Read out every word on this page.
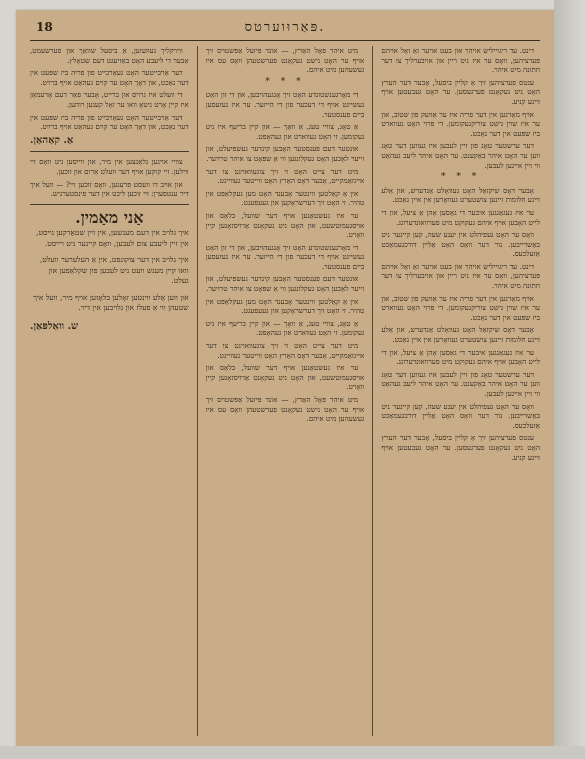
18	פּאַרוּוערטס.

דינט. עד ריגוייליש אויהר און בעט אויער זאַ זאָל אויהם פּערציהען, וואָס ער איז ניט ריין און אויבערליך צו דער חתונה מיט איהר.

ענטס פערציהען זיך אַ קליין ביסעל, אָבער דער הערץ האָט ניט געקאָנט פערגעסען. ער האָט געבעטען אויף זיינע קניע.

אויף מאָרגען אין דער פריה איז ער אַוועק פון שטוב, און ער איז שוין נישט צוריקגעקומען. די פרוי האָט געווארט ביז שפּעט אין דער נאַכט.

דער ערשטער טאָג פון זיין לעבען איז געווען דער טאָג ווען ער האָט איהר באַקענט. ער האָט איהר ליעב געהאַט ווי זיין אייגען לעבען.

* * *

אָבער דאָס שיקזאַל האָט געוואָלט אַנדערש, און אַלע זיינע חלומות זיינען צושטערט געוואָרען אין איין נאַכט.

ער איז געגאַנגען איבער די גאַסען אָהן אַ ציעל, און די לייט האָבען אויף איהם געקוקט מיט פערוואונדערונג.

וואָס ער האָט געפיהלט אין יענע שעה, קען קיינער ניט באַשרייבען. נור דער וואָס האָט אַליין דורכגעמאַכט אַזעלכעס.

דינט. עד ריגוייליש אויהר און בעט אויער זאַ זאָל אויהם פּערציהען, וואָס ער איז ניט ריין און אויבערליך צו דער חתונה מיט איהר.

אויף מאָרגען אין דער פריה איז ער אַוועק פון שטוב, און ער איז שוין נישט צוריקגעקומען. די פרוי האָט געווארט ביז שפּעט אין דער נאַכט.

אָבער דאָס שיקזאַל האָט געוואָלט אַנדערש, און אַלע זיינע חלומות זיינען צושטערט געוואָרען אין איין נאַכט.

ער איז געגאַנגען איבער די גאַסען אָהן אַ ציעל, און די לייט האָבען אויף איהם געקוקט מיט פערוואונדערונג.

דער ערשטער טאָג פון זיין לעבען איז געווען דער טאָג ווען ער האָט איהר באַקענט. ער האָט איהר ליעב געהאַט ווי זיין אייגען לעבען.

וואָס ער האָט געפיהלט אין יענע שעה, קען קיינער ניט באַשרייבען. נור דער וואָס האָט אַליין דורכגעמאַכט אַזעלכעס.

ענטס פערציהען זיך אַ קליין ביסעל, אָבער דער הערץ האָט ניט געקאָנט פערגעסען. ער האָט געבעטען אויף זיינע קניע.

מיט איהר פּאָל האַרץ, — אונד פּיזעל אַפּשטויס זיך אויף ער האָט נישט געקאָנט פערשטעהן וואָס עס איז געשעהען מיט איהם.

* * *

די מאָרגענשטונדע האָט זיך אָנגעהויבען, און די זון האָט געשיינט אויף די דעכער פון די הייזער. ער איז געזעסען ביים פענסטער.

אַ טאָג, צוויי טעג, אַ וואָך — און קיין בריעף איז ניט געקומען. זי האָט געווארט און געהאָפט.

אונטער דעם פענסטער האָבען קינדער געשפּיעלט, און זייער לאַכען האָט געקלונגען ווי אַ שפּאָט צו איהר טרויער.

מיט דער צייט האָט זי זיך צוגעוואוינט צו דער איינזאַמקייט, אָבער דאָס האַרץ האָט ווייטער געוויינט.

אין אַ קאַלטען ווינטער אָבענד האָט מען געקלאַפּט אין טהיר. זי האָט זיך דערשראָקען און געעפענט.

ער איז געשטאַנען אויף דער שוועל, בלאַס און אויסגעמוטשעט, און האָט ניט געקאָנט אַרויסזאָגען קיין וואָרט.

די מאָרגענשטונדע האָט זיך אָנגעהויבען, און די זון האָט געשיינט אויף די דעכער פון די הייזער. ער איז געזעסען ביים פענסטער.

אונטער דעם פענסטער האָבען קינדער געשפּיעלט, און זייער לאַכען האָט געקלונגען ווי אַ שפּאָט צו איהר טרויער.

אין אַ קאַלטען ווינטער אָבענד האָט מען געקלאַפּט אין טהיר. זי האָט זיך דערשראָקען און געעפענט.

אַ טאָג, צוויי טעג, אַ וואָך — און קיין בריעף איז ניט געקומען. זי האָט געווארט און געהאָפט.

מיט דער צייט האָט זי זיך צוגעוואוינט צו דער איינזאַמקייט, אָבער דאָס האַרץ האָט ווייטער געוויינט.

ער איז געשטאַנען אויף דער שוועל, בלאַס און אויסגעמוטשעט, און האָט ניט געקאָנט אַרויסזאָגען קיין וואָרט.

מיט איהר פּאָל האַרץ, — אונד פּיזעל אַפּשטויס זיך אויף ער האָט נישט געקאָנט פערשטעהן וואָס עס איז געשעהען מיט איהם.

ווירקליך געוועזען, אַ ביסעל שוואַך און פערשעמט, אָבער די ליעבע האָט באַזיעגט דעם שטאָלץ.

דער אַרבייטער האָט געאַרבייט פון פריה ביז שפּעט אין דער נאַכט, און דאָך האָט ער קוים געהאַט אויף ברויט.

די וועלט איז גרויס און ברייט, אָבער פאַר דעם אָרעמאַן איז קיין אָרט ניטאָ וואו ער זאָל קענען רוהען.

דער אַרבייטער האָט געאַרבייט פון פריה ביז שפּעט אין דער נאַכט, און דאָך האָט ער קוים געהאַט אויף ברויט.

אַ. קאַהאַן.

צוויי אויגען גלאַנצען אין מיר, און ווייסען ניט וואָס זיי ווילען. זיי קוקען אויף דער וועלט אַרום און זוכען.

און אויב דו וועסט פרעגען, וואָס זוכען זיי? — וועל איך דיר ענטפערן: זיי זוכען ליכט אין דער פינסטערניש.

אַני מאַמין.
איך גלויב אין דעם מענשען, אין זיין שטאַרקען גייסט, אין זיין ליעבע צום לעבען, וואָס קיינער ניט רייסט.
איך גלויב אין דער צוקונפט, אין אַ העלערער וועלט, וואו קיין מענש וועט ניט לעבען פון שקלאַפען און געלט.
און ווען אַלע ווינטען זאָלען בלאָזען אויף מיר, וועל איך שטעהן ווי אַ פעלז און גלויבען אין דיר.
ש. וואַלפּאַן.
